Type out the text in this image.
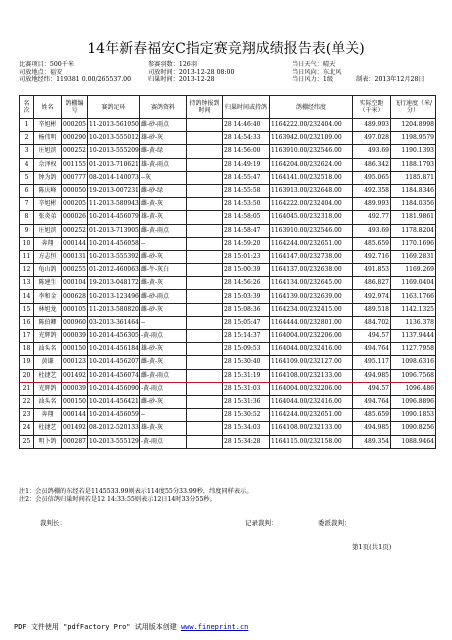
14年新春福安C指定赛竞翔成绩报告表(单关)
比赛项目：500千米
司放地点：福安
司放地经纬：119381 0.00/265537.00
参赛羽数：126羽
司放时间：2013-12-28 08:00
归巢时间：2013-12-28
当日天气：晴天
当日风向：东北风
当日风力：1级	制表：2013年12月28日
名次	姓名	鸽棚编号	赛鸽足环	赛鸽资料	持鸽钟报到时间	归巢时间或持鸽	鸽棚经纬度	实际空距（千米）	飞行速度（米/分）
1	辛旭彬	000205	11-2013-561050	雌-砂-雨点		28 14:46:40	1164222.00/232404.00	489.993	1204.8998
2	杨伟明	000290	10-2013-555012	雄-砂-灰		28 14:54:33	1163942.00/232109.00	497.028	1198.9579
3	庄旭滨	000252	10-2013-555209	雌-黄-绿		28 14:56:00	1163910.00/232546.00	493.69	1190.1393
4	佘泽权	001155	01-2013-710621	雄-黄-雨点		28 14:49:19	1164204.00/232624.00	486.342	1188.1793
5	钟为鸽	000777	08-2014-140073	--灰		28 14:55:47	1164141.00/232518.00	495.065	1185.871
6	陈庆峰	000050	19-2013-007231	雌-砂-绿		28 14:55:58	1163913.00/232648.00	492.358	1184.8346
7	辛旭彬	000205	11-2013-580943	雌-黄-灰		28 14:53:50	1164222.00/232404.00	489.993	1184.0356
8	张炎弟	000026	10-2014-456079	雄-黄-灰		28 14:58:05	1164045.00/232318.00	492.77	1181.9861
9	庄旭滨	000252	01-2013-713905	雌-黄-雨点		28 14:58:47	1163910.00/232546.00	493.69	1178.8204
10	奔翔	000144	10-2014-456058	--		28 14:59:20	1164244.00/232651.00	485.659	1170.1696
11	方志恒	000131	10-2013-555392	雌-砂-灰		28 15:01:23	1164147.00/232738.00	492.716	1169.2831
12	龟山鸽	000255	01-2012-460063	雌-牛-灰白		28 15:00:39	1164137.00/232638.00	491.853	1169.269
13	陈建生	000104	19-2013-048172	雌-黄-灰		28 14:56:26	1164134.00/232645.00	486.827	1169.0404
14	李和金	000628	10-2013-123496	雌-砂-雨点		28 15:03:39	1164139.00/232639.00	492.974	1163.1766
15	林旭龙	000105	11-2013-580820	雌-砂-灰		28 15:08:36	1164234.00/232415.00	489.518	1142.1325
16	陈伯卿	000960	03-2013-361464	--		28 15:05:47	1164444.00/232801.00	484.702	1136.378
17	光辉鸽	000039	10-2014-456305	-黄-雨点		28 15:14:37	1164004.00/232206.00	494.57	1137.9444
18	汕头名	000150	10-2014-456184	雄-砂-灰		28 15:09:53	1164044.00/232416.00	494.764	1127.7958
19	黄谦	000123	10-2014-456207	雌-黄-灰		28 15:30:40	1164109.00/232127.00	495.117	1098.6316
20	杜捷艺	001492	10-2014-456074	雌-黄-雨点		28 15:31:19	1164108.00/232133.00	494.985	1096.7568
21	光辉鸽	000039	10-2014-456090	-黄-雨点		28 15:31:03	1164004.00/232206.00	494.57	1096.486
22	汕头名	000150	10-2014-456421	雌-砂-灰		28 15:31:36	1164044.00/232416.00	494.764	1096.8896
23	奔翔	000144	10-2014-456059	--		28 15:30:52	1164244.00/232651.00	485.659	1090.1853
24	杜捷艺	001492	08-2012-520133	雄-黄-灰		28 15:34:03	1164108.00/232133.00	494.985	1090.8256
25	明卜鸽	000287	10-2013-555129	-黄-雨点		28 15:34:28	1164115.00/232158.00	489.354	1088.9464
注1：会员鸽棚的东经若是1145533.99则表示114度55分33.99秒，纬度同样表示。
注2：会员信鸽归巢时间若是12 14:33:55则表示12日14时33分55秒。
裁判长：	记录裁判：	委派裁判：
第1页(共1页)
PDF 文件使用 "pdfFactory Pro" 试用版本创建 www.fineprint.cn
